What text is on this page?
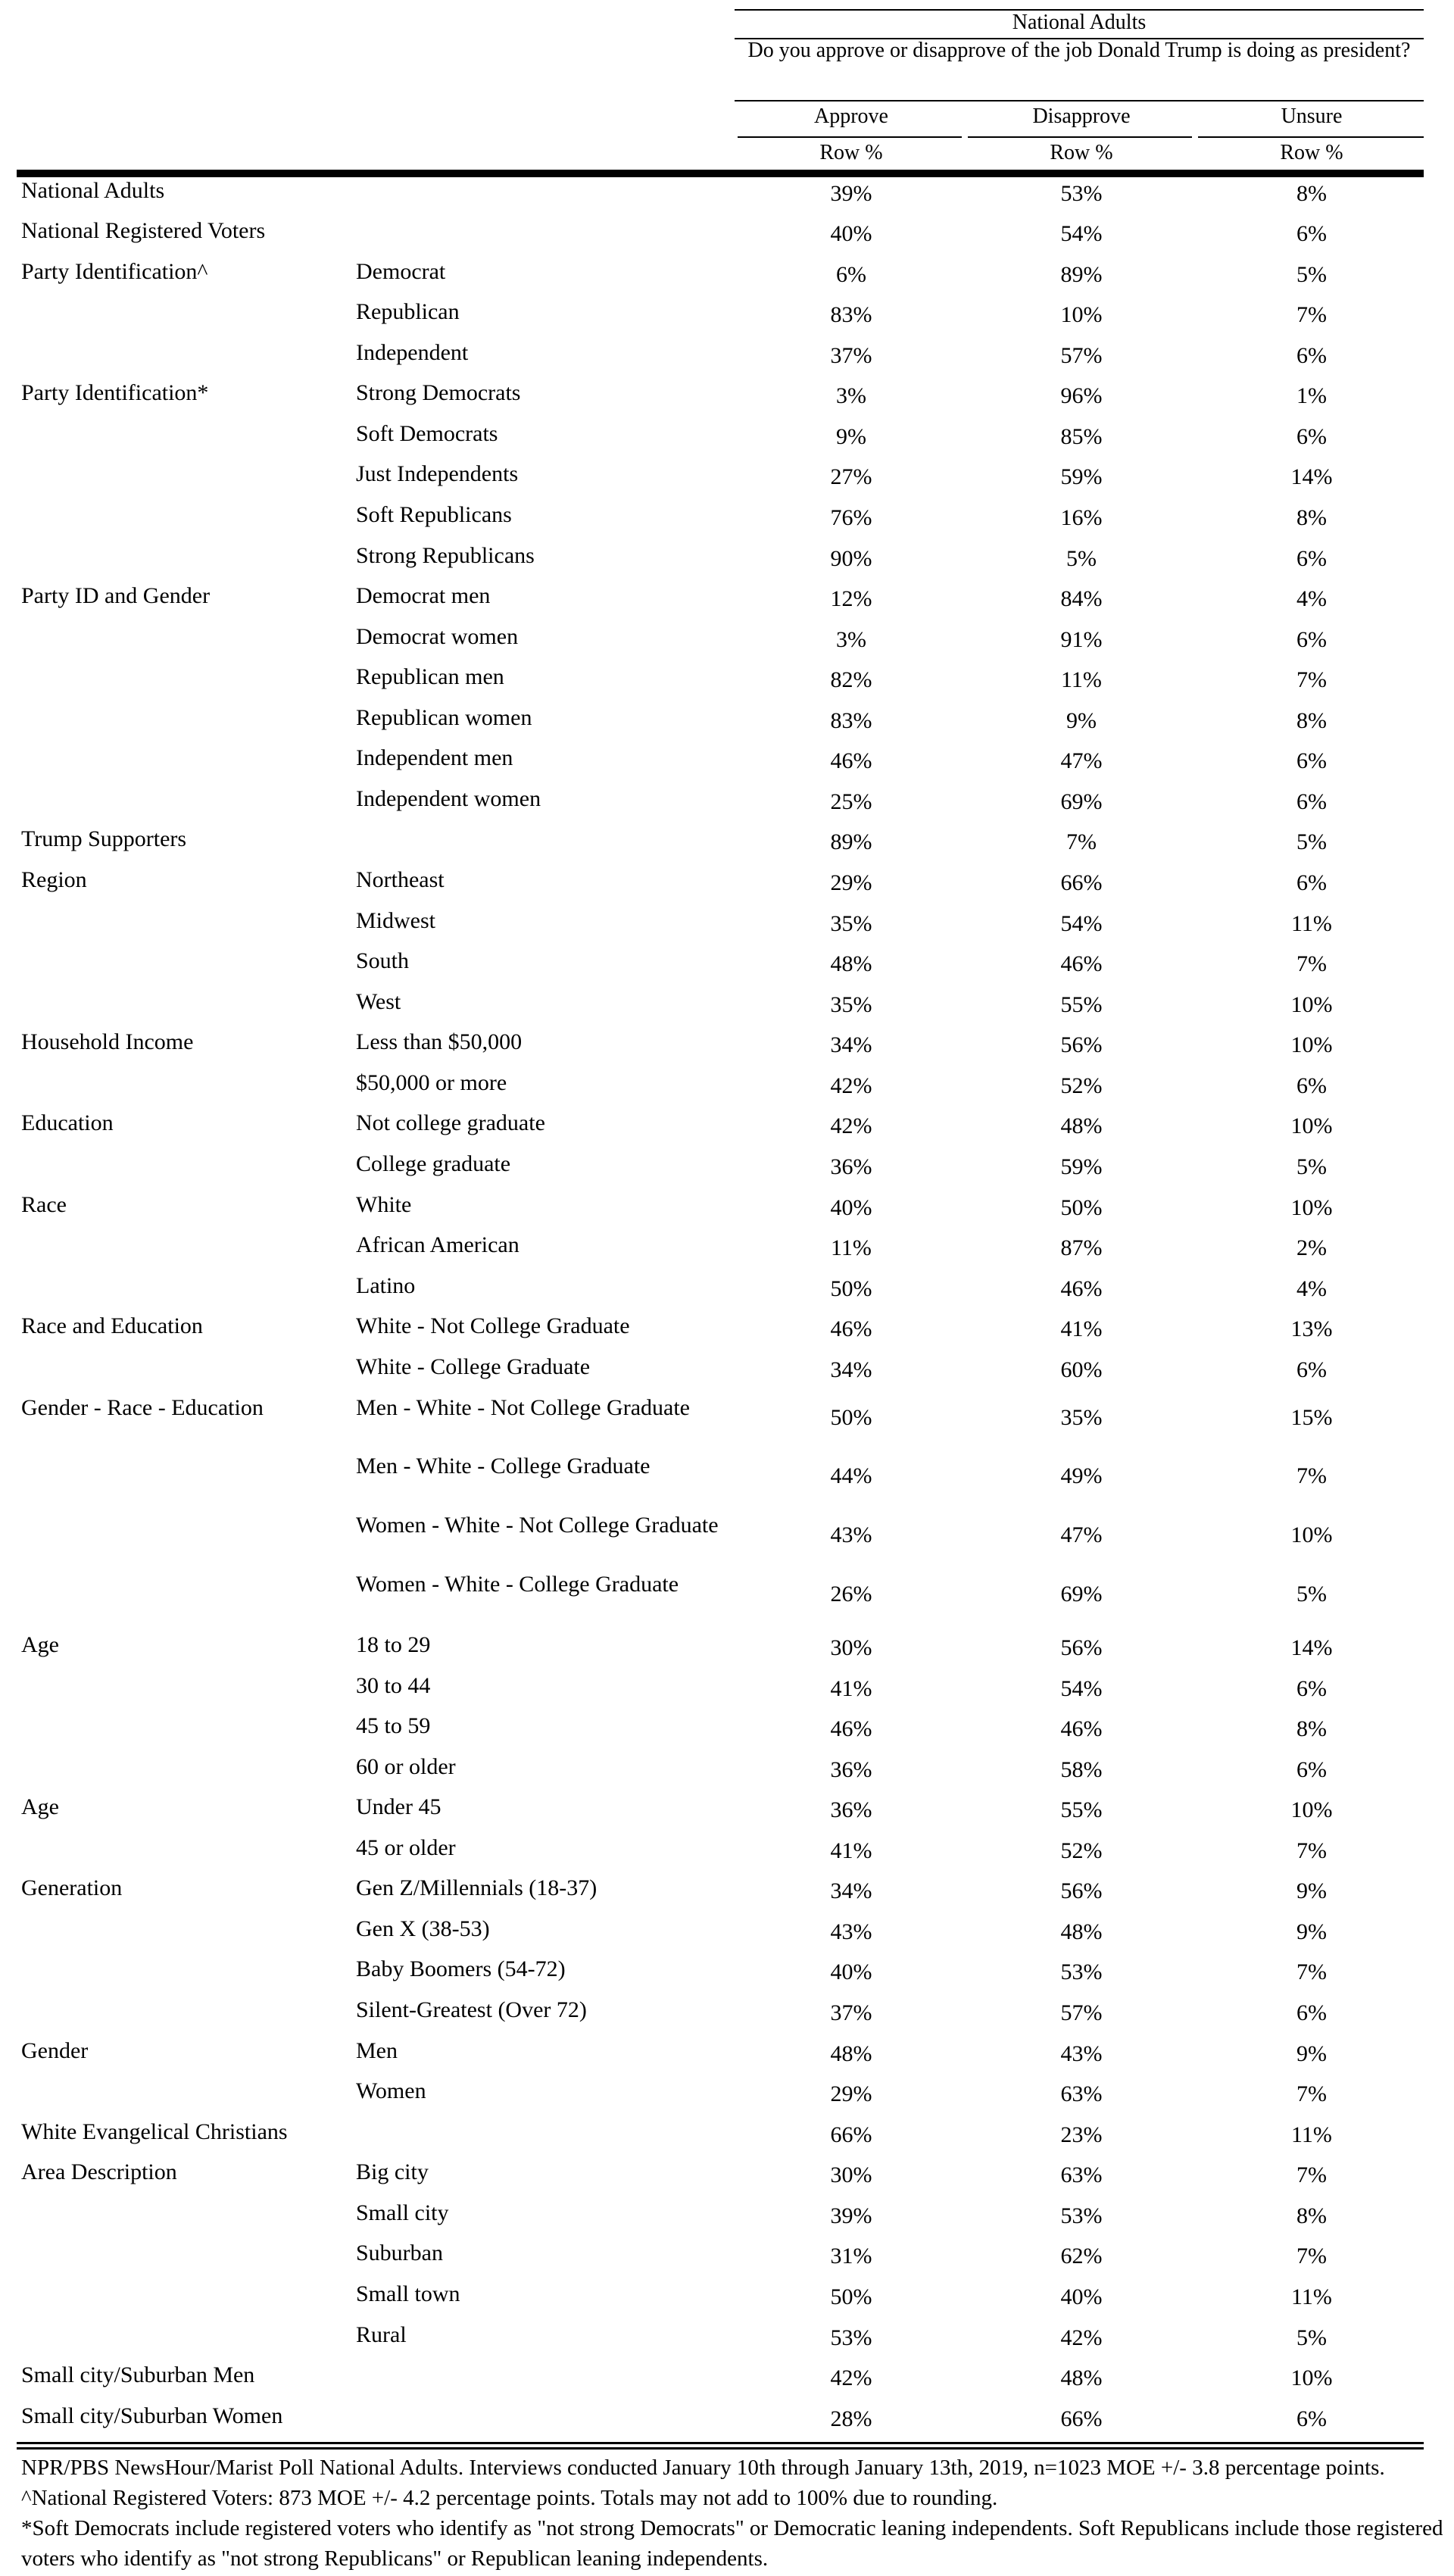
National Adults
Do you approve or disapprove of the job Donald Trump is doing as president?
Approve	Disapprove	Unsure
Row %	Row %	Row %
National Adults	39%	53%	8%
National Registered Voters	40%	54%	6%
Party Identification^	Democrat	6%	89%	5%
Republican	83%	10%	7%
Independent	37%	57%	6%
Party Identification*	Strong Democrats	3%	96%	1%
Soft Democrats	9%	85%	6%
Just Independents	27%	59%	14%
Soft Republicans	76%	16%	8%
Strong Republicans	90%	5%	6%
Party ID and Gender	Democrat men	12%	84%	4%
Democrat women	3%	91%	6%
Republican men	82%	11%	7%
Republican women	83%	9%	8%
Independent men	46%	47%	6%
Independent women	25%	69%	6%
Trump Supporters	89%	7%	5%
Region	Northeast	29%	66%	6%
Midwest	35%	54%	11%
South	48%	46%	7%
West	35%	55%	10%
Household Income	Less than $50,000	34%	56%	10%
$50,000 or more	42%	52%	6%
Education	Not college graduate	42%	48%	10%
College graduate	36%	59%	5%
Race	White	40%	50%	10%
African American	11%	87%	2%
Latino	50%	46%	4%
Race and Education	White - Not College Graduate	46%	41%	13%
White - College Graduate	34%	60%	6%
Gender - Race - Education	Men - White - Not College Graduate	50%	35%	15%
Men - White - College Graduate	44%	49%	7%
Women - White - Not College Graduate	43%	47%	10%
Women - White - College Graduate	26%	69%	5%
Age	18 to 29	30%	56%	14%
30 to 44	41%	54%	6%
45 to 59	46%	46%	8%
60 or older	36%	58%	6%
Age	Under 45	36%	55%	10%
45 or older	41%	52%	7%
Generation	Gen Z/Millennials (18-37)	34%	56%	9%
Gen X (38-53)	43%	48%	9%
Baby Boomers (54-72)	40%	53%	7%
Silent-Greatest (Over 72)	37%	57%	6%
Gender	Men	48%	43%	9%
Women	29%	63%	7%
White Evangelical Christians	66%	23%	11%
Area Description	Big city	30%	63%	7%
Small city	39%	53%	8%
Suburban	31%	62%	7%
Small town	50%	40%	11%
Rural	53%	42%	5%
Small city/Suburban Men	42%	48%	10%
Small city/Suburban Women	28%	66%	6%

NPR/PBS NewsHour/Marist Poll National Adults. Interviews conducted January 10th through January 13th, 2019, n=1023 MOE +/- 3.8 percentage points.

^National Registered Voters: 873 MOE +/- 4.2 percentage points. Totals may not add to 100% due to rounding.

*Soft Democrats include registered voters who identify as "not strong Democrats" or Democratic leaning independents. Soft Republicans include those registered voters who identify as "not strong Republicans" or Republican leaning independents.
